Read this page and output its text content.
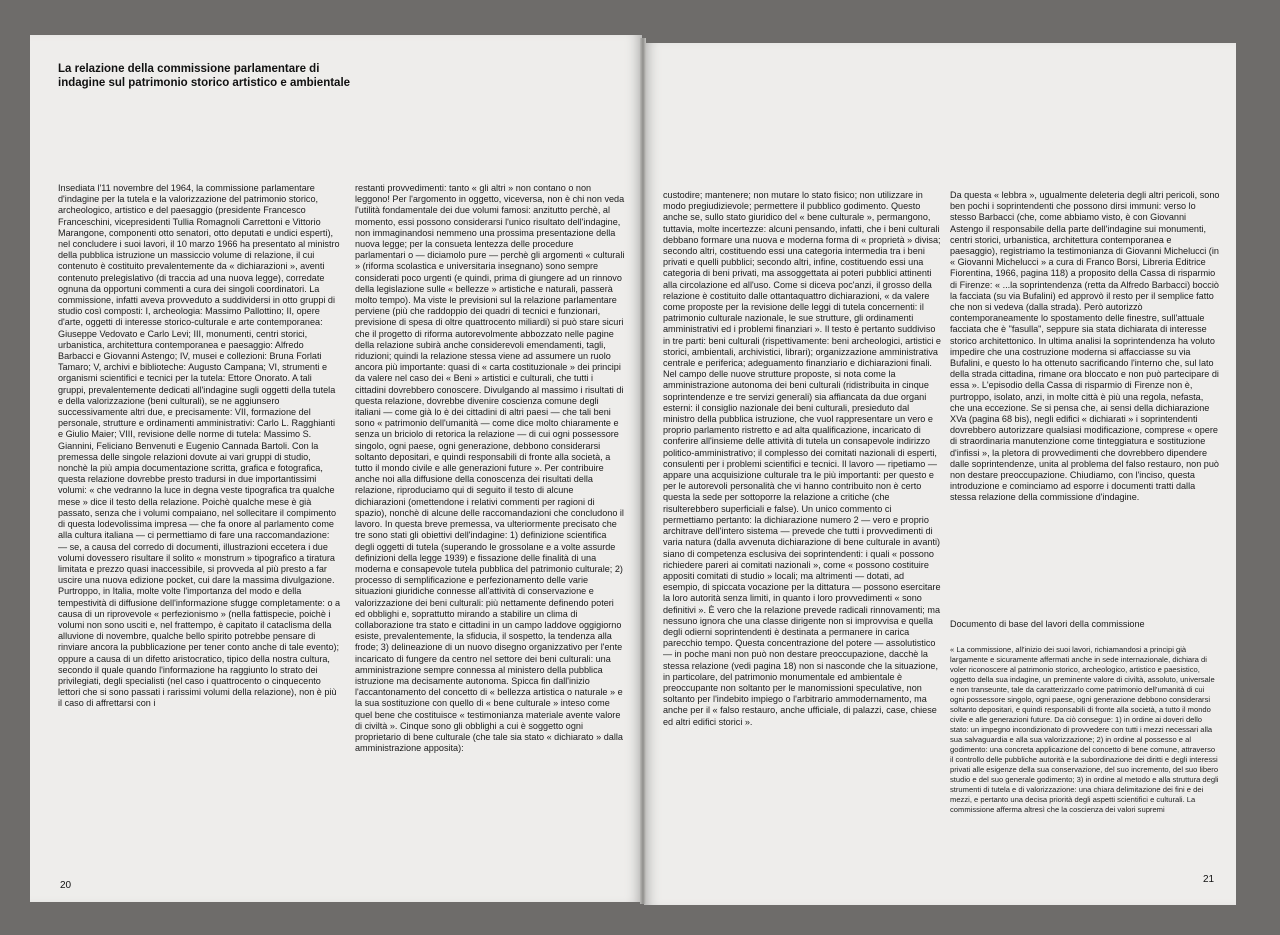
La relazione della commissione parlamentare di indagine sul patrimonio storico artistico e ambientale
Insediata l'11 novembre del 1964, la commissione parlamentare d'indagine per la tutela e la valorizzazione del patrimonio storico, archeologico, artistico e del paesaggio (presidente Francesco Franceschini, vicepresidenti Tullia Romagnoli Carrettoni e Vittorio Marangone, componenti otto senatori, otto deputati e undici esperti), nel concludere i suoi lavori, il 10 marzo 1966 ha presentato al ministro della pubblica istruzione un massiccio volume di relazione, il cui contenuto è costituito prevalentemente da « dichiarazioni », aventi contenuto prelegislativo (di traccia ad una nuova legge), corredate ognuna da opportuni commenti a cura dei singoli coordinatori. La commissione, infatti aveva provveduto a suddividersi in otto gruppi di studio così composti: I, archeologia: Massimo Pallottino; II, opere d'arte, oggetti di interesse storico-culturale e arte contemporanea: Giuseppe Vedovato e Carlo Levi; III, monumenti, centri storici, urbanistica, architettura contemporanea e paesaggio: Alfredo Barbacci e Giovanni Astengo; IV, musei e collezioni: Bruna Forlati Tamaro; V, archivi e biblioteche: Augusto Campana; VI, strumenti e organismi scientifici e tecnici per la tutela: Ettore Onorato. A tali gruppi, prevalentemente dedicati all'indagine sugli oggetti della tutela e della valorizzazione (beni culturali), se ne aggiunsero successivamente altri due, e precisamente: VII, formazione del personale, strutture e ordinamenti amministrativi: Carlo L. Ragghianti e Giulio Maier; VIII, revisione delle norme di tutela: Massimo S. Giannini, Feliciano Benvenuti e Eugenio Cannada Bartoli. Con la premessa delle singole relazioni dovute ai vari gruppi di studio, nonchè la più ampia documentazione scritta, grafica e fotografica, questa relazione dovrebbe presto tradursi in due importantissimi volumi: « che vedranno la luce in degna veste tipografica tra qualche mese » dice il testo della relazione. Poichè qualche mese è già passato, senza che i volumi compaiano, nel sollecitare il compimento di questa lodevolissima impresa — che fa onore al parlamento come alla cultura italiana — ci permettiamo di fare una raccomandazione: — se, a causa del corredo di documenti, illustrazioni eccetera i due volumi dovessero risultare il solito « monstrum » tipografico a tiratura limitata e prezzo quasi inaccessibile, si provveda al più presto a far uscire una nuova edizione pocket, cui dare la massima divulgazione. Purtroppo, in Italia, molte volte l'importanza del modo e della tempestività di diffusione dell'informazione sfugge completamente: o a causa di un riprovevole « perfezionismo » (nella fattispecie, poichè i volumi non sono usciti e, nel frattempo, è capitato il cataclisma della alluvione di novembre, qualche bello spirito potrebbe pensare di rinviare ancora la pubblicazione per tener conto anche di tale evento); oppure a causa di un difetto aristocratico, tipico della nostra cultura, secondo il quale quando l'informazione ha raggiunto lo strato dei privilegiati, degli specialisti (nel caso i quattrocento o cinquecento lettori che si sono passati i rarissimi volumi della relazione), non è più il caso di affrettarsi con i
restanti provvedimenti: tanto « gli altri » non contano o non leggono! Per l'argomento in oggetto, viceversa, non è chi non veda l'utilità fondamentale dei due volumi famosi: anzitutto perchè, al momento, essi possono considerarsi l'unico risultato dell'indagine, non immaginandosi nemmeno una prossima presentazione della nuova legge; per la consueta lentezza delle procedure parlamentari o — diciamolo pure — perchè gli argomenti « culturali » (riforma scolastica e universitaria insegnano) sono sempre considerati poco urgenti (e quindi, prima di giungere ad un rinnovo della legislazione sulle « bellezze » artistiche e naturali, passerà molto tempo). Ma viste le previsioni sul la relazione parlamentare perviene (più che raddoppio dei quadri di tecnici e funzionari, previsione di spesa di oltre quattrocento miliardi) si può stare sicuri che il progetto di riforma autorevolmente abbozzato nelle pagine della relazione subirà anche considerevoli emendamenti, tagli, riduzioni; quindi la relazione stessa viene ad assumere un ruolo ancora più importante: quasi di « carta costituzionale » dei principi da valere nel caso dei « Beni » artistici e culturali, che tutti i cittadini dovrebbero conoscere. Divulgando al massimo i risultati di questa relazione, dovrebbe divenire coscienza comune degli italiani — come già lo è dei cittadini di altri paesi — che tali beni sono « patrimonio dell'umanità — come dice molto chiaramente e senza un briciolo di retorica la relazione — di cui ogni possessore singolo, ogni paese, ogni generazione, debbono considerarsi soltanto depositari, e quindi responsabili di fronte alla società, a tutto il mondo civile e alle generazioni future ». Per contribuire anche noi alla diffusione della conoscenza dei risultati della relazione, riproduciamo qui di seguito il testo di alcune dichiarazioni (omettendone i relativi commenti per ragioni di spazio), nonchè di alcune delle raccomandazioni che concludono il lavoro. In questa breve premessa, va ulteriormente precisato che tre sono stati gli obiettivi dell'indagine: 1) definizione scientifica degli oggetti di tutela (superando le grossolane e a volte assurde definizioni della legge 1939) e fissazione delle finalità di una moderna e consapevole tutela pubblica del patrimonio culturale; 2) processo di semplificazione e perfezionamento delle varie situazioni giuridiche connesse all'attività di conservazione e valorizzazione dei beni culturali: più nettamente definendo poteri ed obblighi e, soprattutto mirando a stabilire un clima di collaborazione tra stato e cittadini in un campo laddove oggigiorno esiste, prevalentemente, la sfiducia, il sospetto, la tendenza alla frode; 3) delineazione di un nuovo disegno organizzativo per l'ente incaricato di fungere da centro nel settore dei beni culturali: una amministrazione sempre connessa al ministero della pubblica istruzione ma decisamente autonoma. Spicca fin dall'inizio l'accantonamento del concetto di « bellezza artistica o naturale » e la sua sostituzione con quello di « bene culturale » inteso come quel bene che costituisce « testimonianza materiale avente valore di civiltà ». Cinque sono gli obblighi a cui è soggetto ogni proprietario di bene culturale (che tale sia stato « dichiarato » dalla amministrazione apposita):
custodire; mantenere; non mutare lo stato fisico; non utilizzare in modo pregiudizievole; permettere il pubblico godimento. Questo anche se, sullo stato giuridico del « bene culturale », permangono, tuttavia, molte incertezze: alcuni pensando, infatti, che i beni culturali debbano formare una nuova e moderna forma di « proprietà » divisa; secondo altri, costituendo essi una categoria intermedia tra i beni privati e quelli pubblici; secondo altri, infine, costituendo essi una categoria di beni privati, ma assoggettata ai poteri pubblici attinenti alla circolazione ed all'uso. Come si diceva poc'anzi, il grosso della relazione è costituito dalle ottantaquattro dichiarazioni, « da valere come proposte per la revisione delle leggi di tutela concernenti: il patrimonio culturale nazionale, le sue strutture, gli ordinamenti amministrativi ed i problemi finanziari ». Il testo è pertanto suddiviso in tre parti: beni culturali (rispettivamente: beni archeologici, artistici e storici, ambientali, archivistici, librari); organizzazione amministrativa centrale e periferica; adeguamento finanziario e dichiarazioni finali. Nel campo delle nuove strutture proposte, si nota come la amministrazione autonoma dei beni culturali (ridistribuita in cinque soprintendenze e tre servizi generali) sia affiancata da due organi esterni: il consiglio nazionale dei beni culturali, presieduto dal ministro della pubblica istruzione, che vuol rappresentare un vero e proprio parlamento ristretto e ad alta qualificazione, incaricato di conferire all'insieme delle attività di tutela un consapevole indirizzo politico-amministrativo; il complesso dei comitati nazionali di esperti, consulenti per i problemi scientifici e tecnici. Il lavoro — ripetiamo — appare una acquisizione culturale tra le più importanti: per questo e per le autorevoli personalità che vi hanno contribuito non è certo questa la sede per sottoporre la relazione a critiche (che risulterebbero superficiali e false). Un unico commento ci permettiamo pertanto: la dichiarazione numero 2 — vero e proprio architrave dell'intero sistema — prevede che tutti i provvedimenti di varia natura (dalla avvenuta dichiarazione di bene culturale in avanti) siano di competenza esclusiva dei soprintendenti: i quali « possono richiedere pareri ai comitati nazionali », come « possono costituire appositi comitati di studio » locali; ma altrimenti — dotati, ad esempio, di spiccata vocazione per la dittatura — possono esercitare la loro autorità senza limiti, in quanto i loro provvedimenti « sono definitivi ». È vero che la relazione prevede radicali rinnovamenti; ma nessuno ignora che una classe dirigente non si improvvisa e quella degli odierni soprintendenti è destinata a permanere in carica parecchio tempo. Questa concentrazione del potere — assolutistico — in poche mani non può non destare preoccupazione, dacchè la stessa relazione (vedi pagina 18) non si nasconde che la situazione, in particolare, del patrimonio monumentale ed ambientale è preoccupante non soltanto per le manomissioni speculative, non soltanto per l'indebito impiego o l'arbitrario ammodernamento, ma anche per il « falso restauro, anche ufficiale, di palazzi, case, chiese ed altri edifici storici ».
Da questa « lebbra », ugualmente deleteria degli altri pericoli, sono ben pochi i soprintendenti che possono dirsi immuni: verso lo stesso Barbacci (che, come abbiamo visto, è con Giovanni Astengo il responsabile della parte dell'indagine sui monumenti, centri storici, urbanistica, architettura contemporanea e paesaggio), registriamo la testimonianza di Giovanni Michelucci (in « Giovanni Michelucci » a cura di Franco Borsi, Libreria Editrice Fiorentina, 1966, pagina 118) a proposito della Cassa di risparmio di Firenze: « ...la soprintendenza (retta da Alfredo Barbacci) bocciò la facciata (su via Bufalini) ed approvò il resto per il semplice fatto che non si vedeva (dalla strada). Però autorizzò contemporaneamente lo spostamento delle finestre, sull'attuale facciata che è "fasulla", seppure sia stata dichiarata di interesse storico architettonico. In ultima analisi la soprintendenza ha voluto impedire che una costruzione moderna si affacciasse su via Bufalini, e questo lo ha ottenuto sacrificando l'interno che, sul lato della strada cittadina, rimane ora bloccato e non può partecipare di essa ». L'episodio della Cassa di risparmio di Firenze non è, purtroppo, isolato, anzi, in molte città è più una regola, nefasta, che una eccezione. Se si pensa che, ai sensi della dichiarazione XVa (pagina 68 bis), negli edifici « dichiarati » i soprintendenti dovrebbero autorizzare qualsiasi modificazione, comprese « opere di straordinaria manutenzione come tinteggiatura e sostituzione d'infissi », la pletora di provvedimenti che dovrebbero dipendere dalle soprintendenze, unita al problema del falso restauro, non può non destare preoccupazione. Chiudiamo, con l'inciso, questa introduzione e cominciamo ad esporre i documenti tratti dalla stessa relazione della commissione d'indagine.
Documento di base del lavori della commissione
« La commissione, all'inizio dei suoi lavori, richiamandosi a principi già largamente e sicuramente affermati anche in sede internazionale, dichiara di voler riconoscere al patrimonio storico, archeologico, artistico e paesistico, oggetto della sua indagine, un preminente valore di civiltà, assoluto, universale e non transeunte, tale da caratterizzarlo come patrimonio dell'umanità di cui ogni possessore singolo, ogni paese, ogni generazione debbono considerarsi soltanto depositari, e quindi responsabili di fronte alla società, a tutto il mondo civile e alle generazioni future. Da ciò consegue: 1) in ordine ai doveri dello stato: un impegno incondizionato di provvedere con tutti i mezzi necessari alla sua salvaguardia e alla sua valorizzazione; 2) in ordine al possesso e al godimento: una concreta applicazione del concetto di bene comune, attraverso il controllo delle pubbliche autorità e la subordinazione dei diritti e degli interessi privati alle esigenze della sua conservazione, del suo incremento, del suo libero studio e del suo generale godimento; 3) in ordine al metodo e alla struttura degli strumenti di tutela e di valorizzazione: una chiara delimitazione dei fini e dei mezzi, e pertanto una decisa priorità degli aspetti scientifici e culturali. La commissione afferma altresì che la coscienza dei valori supremi
20
21
